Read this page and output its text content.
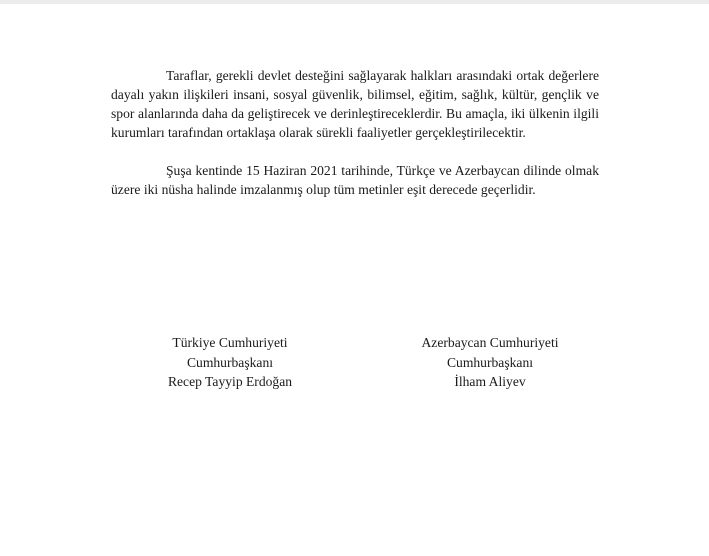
Taraflar, gerekli devlet desteğini sağlayarak halkları arasındaki ortak değerlere dayalı yakın ilişkileri insani, sosyal güvenlik, bilimsel, eğitim, sağlık, kültür, gençlik ve spor alanlarında daha da geliştirecek ve derinleştireceklerdir. Bu amaçla, iki ülkenin ilgili kurumları tarafından ortaklaşa olarak sürekli faaliyetler gerçekleştirilecektir.

Şuşa kentinde 15 Haziran 2021 tarihinde, Türkçe ve Azerbaycan dilinde olmak üzere iki nüsha halinde imzalanmış olup tüm metinler eşit derecede geçerlidir.

Türkiye Cumhuriyeti
Cumhurbaşkanı
Recep Tayyip Erdoğan
Azerbaycan Cumhuriyeti
Cumhurbaşkanı
İlham Aliyev
